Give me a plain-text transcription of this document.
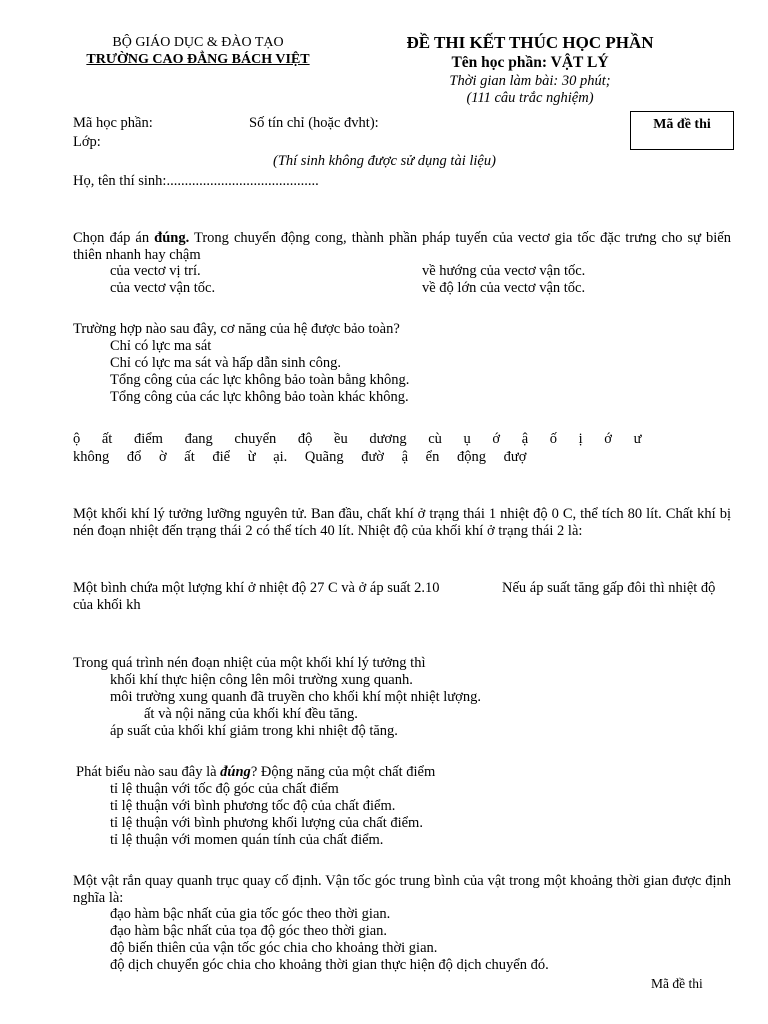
BỘ GIÁO DỤC & ĐÀO TẠO
TRƯỜNG CAO ĐẲNG BÁCH VIỆT
ĐỀ THI KẾT THÚC HỌC PHẦN
Tên học phần: VẬT LÝ
Thời gian làm bài: 30 phút;
(111 câu trắc nghiệm)
Mã đề thi
Mã học phần:	Số tín chỉ (hoặc đvht):
Lớp:
(Thí sinh không được sử dụng tài liệu)
Họ, tên thí sinh:..........................................
Chọn đáp án đúng. Trong chuyển động cong, thành phần pháp tuyến của vectơ gia tốc đặc trưng cho sự biến thiên nhanh hay chậm
của vectơ vị trí.	về hướng của vectơ vận tốc.
của vectơ vận tốc.	về độ lớn của vectơ vận tốc.
Trường hợp nào sau đây, cơ năng của hệ được bảo toàn?
Chỉ có lực ma sát
Chỉ có lực ma sát và hấp dẫn sinh công.
Tổng công của các lực không bảo toàn bằng không.
Tổng công của các lực không bảo toàn khác không.
ộ ất điểm đang chuyển độ ều dương cù ụ ớ ậ ố ị ớ ư
không đổ ờ ất điể ừ ại. Quãng đườ ậ ển động đượ
Một khối khí lý tưởng lưỡng nguyên tử. Ban đầu, chất khí ở trạng thái 1 nhiệt độ 0 C, thể tích 80 lít. Chất khí bị nén đoạn nhiệt đến trạng thái 2 có thể tích 40 lít. Nhiệt độ của khối khí ở trạng thái 2 là:
Một bình chứa một lượng khí ở nhiệt độ 27 C và ở áp suất 2.10	Nếu áp suất tăng gấp đôi thì nhiệt độ
của khối kh
Trong quá trình nén đoạn nhiệt của một khối khí lý tưởng thì
khối khí thực hiện công lên môi trường xung quanh.
môi trường xung quanh đã truyền cho khối khí một nhiệt lượng.
ất và nội năng của khối khí đều tăng.
áp suất của khối khí giảm trong khi nhiệt độ tăng.
Phát biểu nào sau đây là đúng? Động năng của một chất điểm
tỉ lệ thuận với tốc độ góc của chất điểm
tỉ lệ thuận với bình phương tốc độ của chất điểm.
tỉ lệ thuận với bình phương khối lượng của chất điểm.
tỉ lệ thuận với momen quán tính của chất điểm.
Một vật rắn quay quanh trục quay cố định. Vận tốc góc trung bình của vật trong một khoảng thời gian được định nghĩa là:
đạo hàm bậc nhất của gia tốc góc theo thời gian.
đạo hàm bậc nhất của tọa độ góc theo thời gian.
độ biến thiên của vận tốc góc chia cho khoảng thời gian.
độ dịch chuyển góc chia cho khoảng thời gian thực hiện độ dịch chuyển đó.
Mã đề thi
